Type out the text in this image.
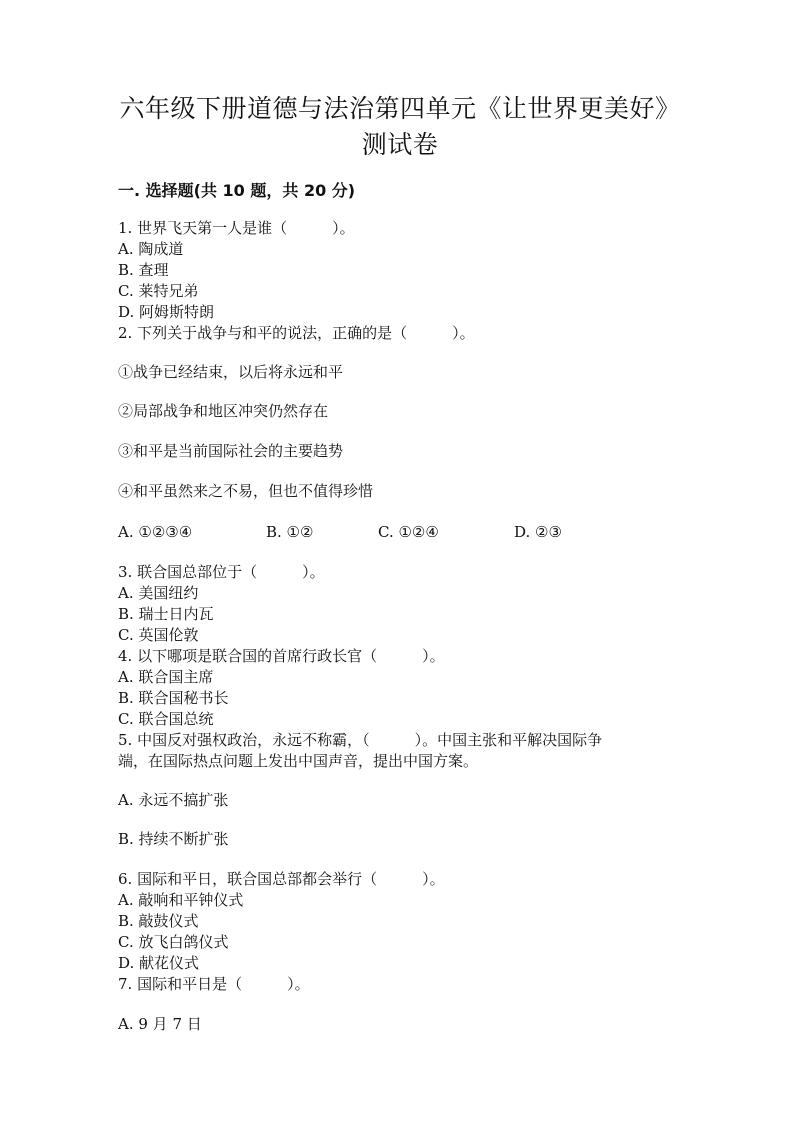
六年级下册道德与法治第四单元《让世界更美好》
测试卷
一. 选择题(共 10 题，共 20 分)
1. 世界飞天第一人是谁（　　　）。
A. 陶成道
B. 查理
C. 莱特兄弟
D. 阿姆斯特朗
2. 下列关于战争与和平的说法，正确的是（　　　）。
①战争已经结束，以后将永远和平
②局部战争和地区冲突仍然存在
③和平是当前国际社会的主要趋势
④和平虽然来之不易，但也不值得珍惜
A. ①②③④	B. ①②	C. ①②④	D. ②③
3. 联合国总部位于（　　　）。
A. 美国纽约
B. 瑞士日内瓦
C. 英国伦敦
4. 以下哪项是联合国的首席行政长官（　　　）。
A. 联合国主席
B. 联合国秘书长
C. 联合国总统
5. 中国反对强权政治，永远不称霸，（　　　）。中国主张和平解决国际争
端，在国际热点问题上发出中国声音，提出中国方案。
A. 永远不搞扩张
B. 持续不断扩张
6. 国际和平日，联合国总部都会举行（　　　）。
A. 敲响和平钟仪式
B. 敲鼓仪式
C. 放飞白鸽仪式
D. 献花仪式
7. 国际和平日是（　　　）。
A. 9 月 7 日
